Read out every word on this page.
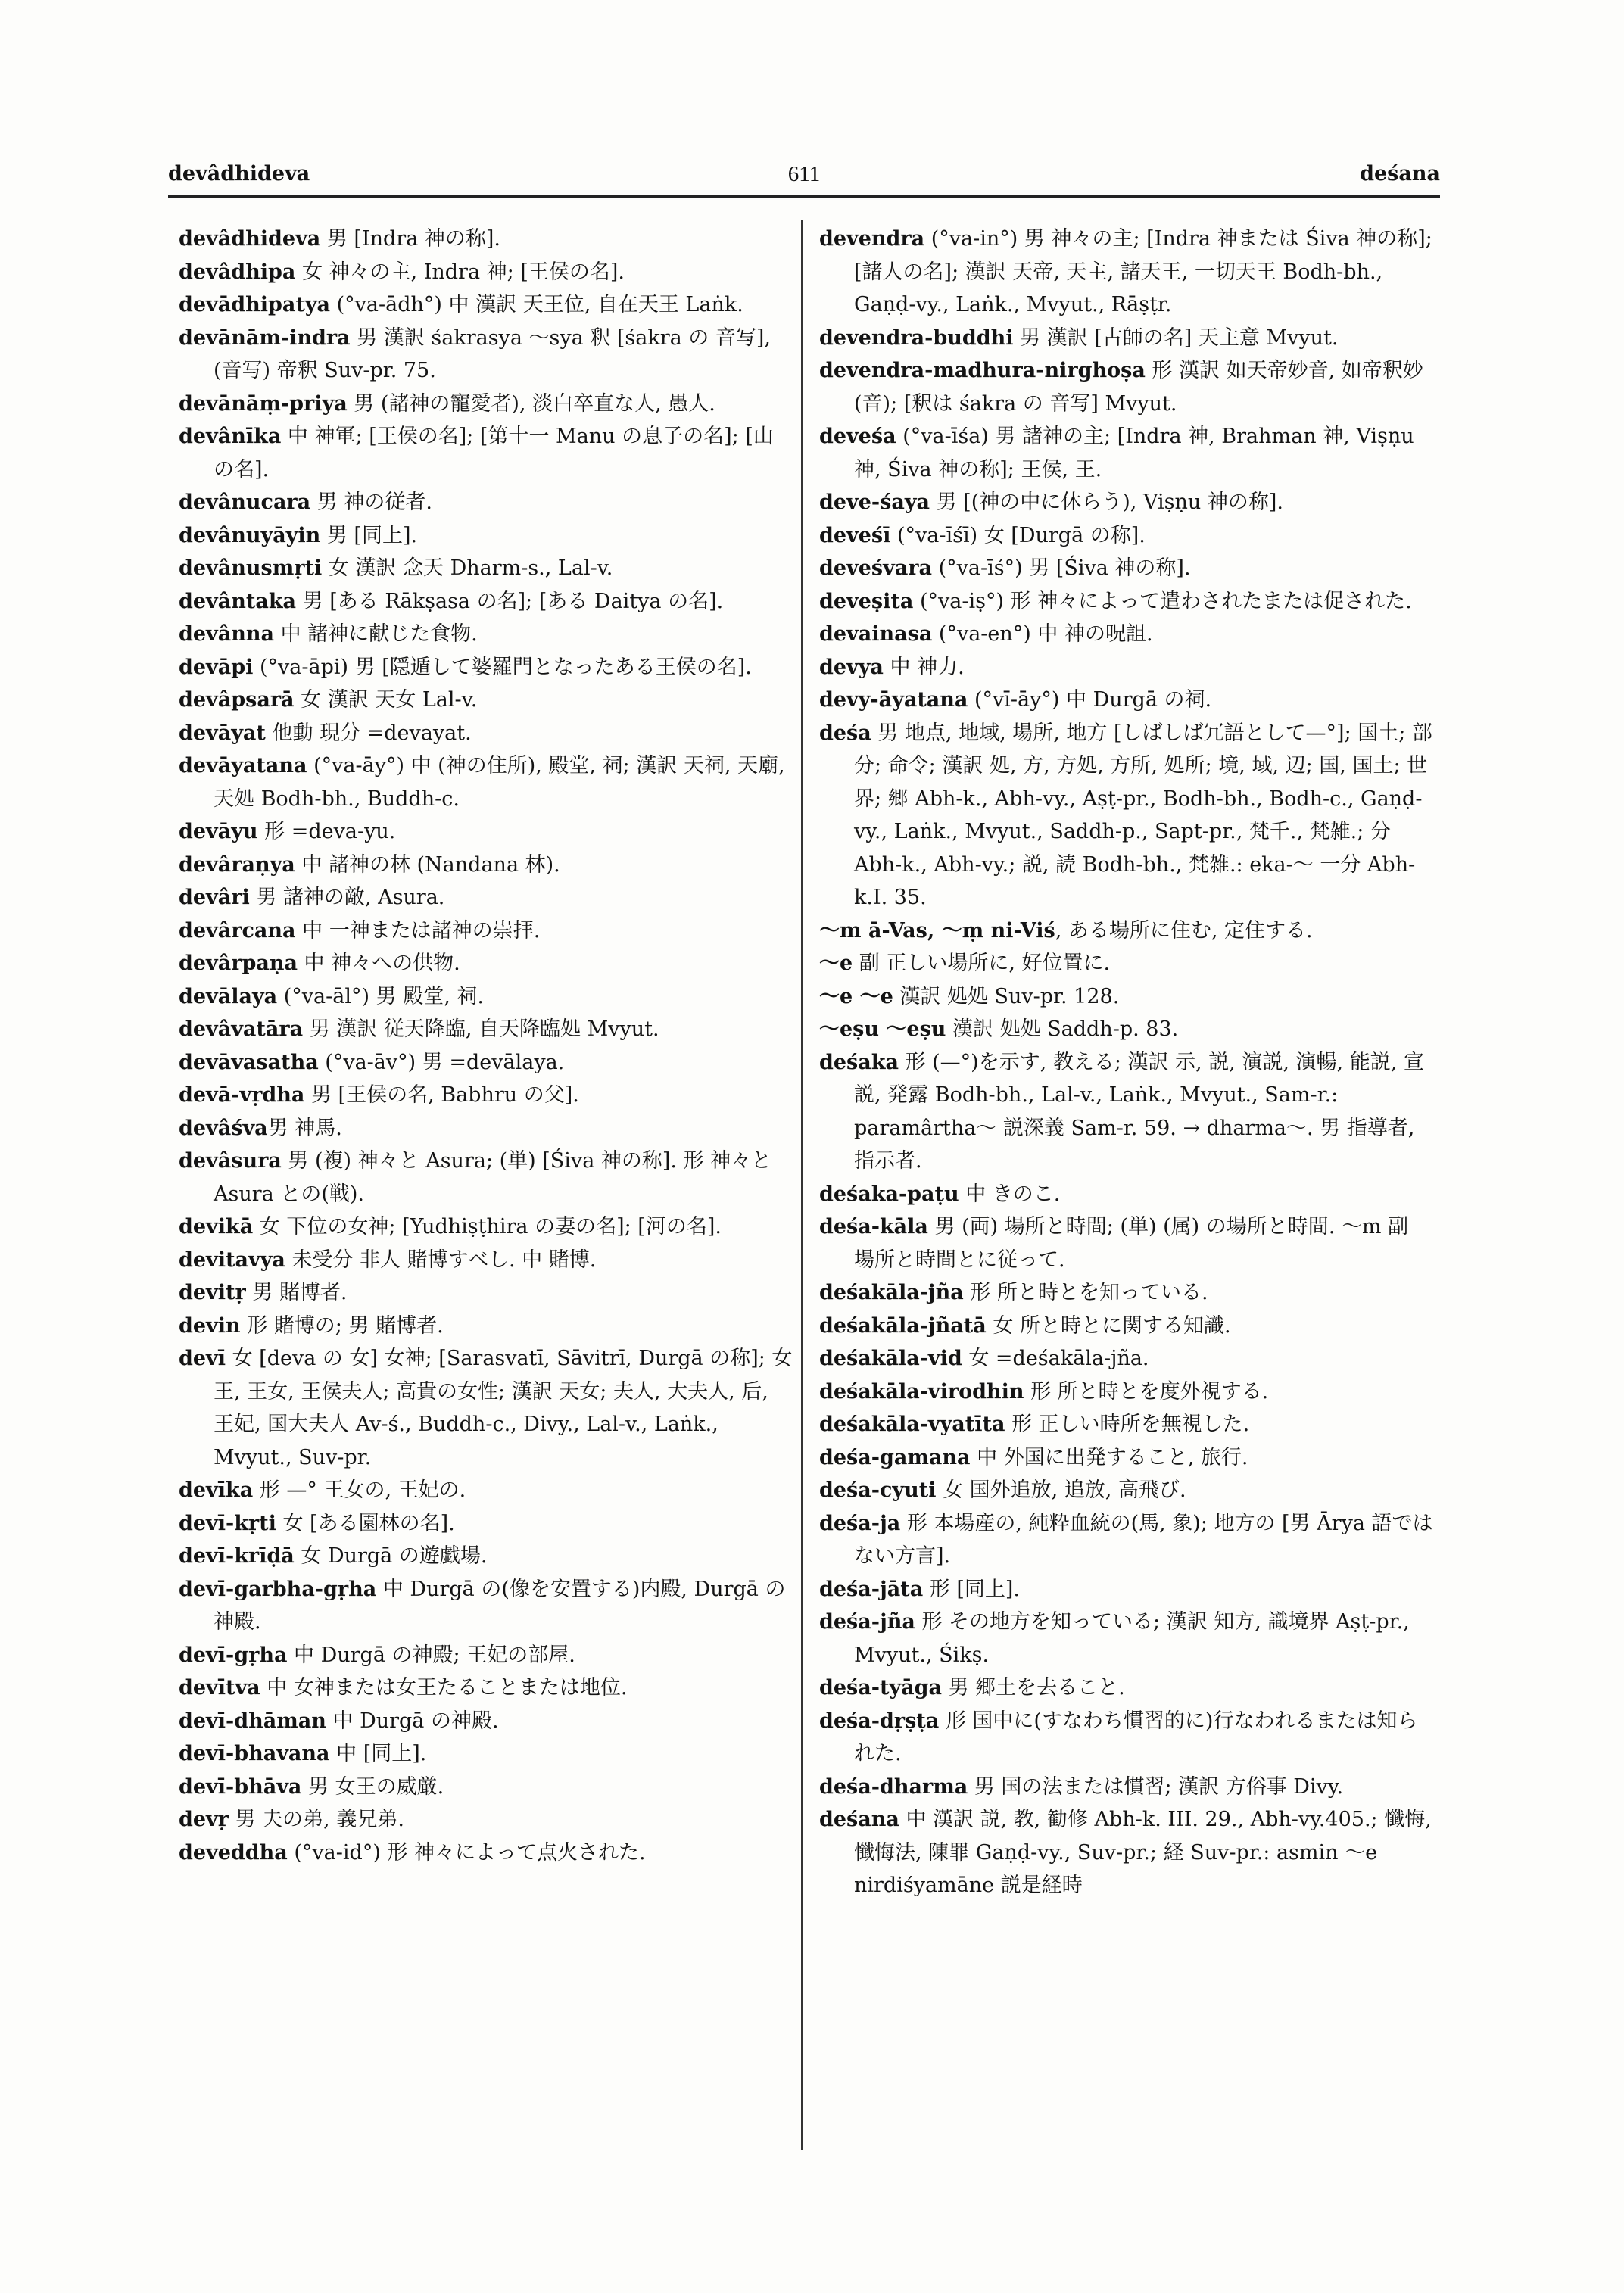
devâdhideva	611	deśana

devâdhideva 男 [Indra 神の称].

devâdhipa 女 神々の主, Indra 神; [王侯の名].

devādhipatya (°va-ādh°) 中 漢訳 天王位, 自在天王 Laṅk.

devānām-indra 男 漢訳 śakrasya ～sya 釈 [śakra の 音写], (音写) 帝釈 Suv-pr. 75.

devānāṃ-priya 男 (諸神の寵愛者), 淡白卒直な人, 愚人.

devânīka 中 神軍; [王侯の名]; [第十一 Manu の息子の名]; [山の名].

devânucara 男 神の従者.

devânuyāyin 男 [同上].

devânusmṛti 女 漢訳 念天 Dharm-s., Lal-v.

devântaka 男 [ある Rākṣasa の名]; [ある Daitya の名].

devânna 中 諸神に献じた食物.

devāpi (°va-āpi) 男 [隠遁して婆羅門となったある王侯の名].

devâpsarā 女 漢訳 天女 Lal-v.

devāyat 他動 現分 =devayat.

devāyatana (°va-āy°) 中 (神の住所), 殿堂, 祠; 漢訳 天祠, 天廟, 天処 Bodh-bh., Buddh-c.

devāyu 形 =deva-yu.

devâraṇya 中 諸神の林 (Nandana 林).

devâri 男 諸神の敵, Asura.

devârcana 中 一神または諸神の崇拝.

devârpaṇa 中 神々への供物.

devālaya (°va-āl°) 男 殿堂, 祠.

devâvatāra 男 漢訳 従天降臨, 自天降臨処 Mvyut.

devāvasatha (°va-āv°) 男 =devālaya.

devā-vṛdha 男 [王侯の名, Babhru の父].

devâśva男 神馬.

devâsura 男 (複) 神々と Asura; (単) [Śiva 神の称]. 形 神々と Asura との(戦).

devikā 女 下位の女神; [Yudhiṣṭhira の妻の名]; [河の名].

devitavya 未受分 非人 賭博すべし. 中 賭博.

devitṛ 男 賭博者.

devin 形 賭博の; 男 賭博者.

devī 女 [deva の 女] 女神; [Sarasvatī, Sāvitrī, Durgā の称]; 女王, 王女, 王侯夫人; 高貴の女性; 漢訳 天女; 夫人, 大夫人, 后, 王妃, 国大夫人 Av-ś., Buddh-c., Divy., Lal-v., Laṅk., Mvyut., Suv-pr.

devīka 形 —° 王女の, 王妃の.

devī-kṛti 女 [ある園林の名].

devī-krīḍā 女 Durgā の遊戯場.

devī-garbha-gṛha 中 Durgā の(像を安置する)内殿, Durgā の神殿.

devī-gṛha 中 Durgā の神殿; 王妃の部屋.

devītva 中 女神または女王たることまたは地位.

devī-dhāman 中 Durgā の神殿.

devī-bhavana 中 [同上].

devī-bhāva 男 女王の威厳.

devṛ 男 夫の弟, 義兄弟.

deveddha (°va-id°) 形 神々によって点火された.

devendra (°va-in°) 男 神々の主; [Indra 神または Śiva 神の称]; [諸人の名]; 漢訳 天帝, 天主, 諸天王, 一切天王 Bodh-bh., Gaṇḍ-vy., Laṅk., Mvyut., Rāṣṭr.

devendra-buddhi 男 漢訳 [古師の名] 天主意 Mvyut.

devendra-madhura-nirghoṣa 形 漢訳 如天帝妙音, 如帝釈妙(音); [釈は śakra の 音写] Mvyut.

deveśa (°va-īśa) 男 諸神の主; [Indra 神, Brahman 神, Viṣṇu 神, Śiva 神の称]; 王侯, 王.

deve-śaya 男 [(神の中に休らう), Viṣṇu 神の称].

deveśī (°va-īśī) 女 [Durgā の称].

deveśvara (°va-īś°) 男 [Śiva 神の称].

deveṣita (°va-iṣ°) 形 神々によって遣わされたまたは促された.

devainasa (°va-en°) 中 神の呪詛.

devya 中 神力.

devy-āyatana (°vī-āy°) 中 Durgā の祠.

deśa 男 地点, 地域, 場所, 地方 [しばしば冗語として—°]; 国土; 部分; 命令; 漢訳 処, 方, 方処, 方所, 処所; 境, 域, 辺; 国, 国土; 世界; 郷 Abh-k., Abh-vy., Aṣṭ-pr., Bodh-bh., Bodh-c., Gaṇḍ-vy., Laṅk., Mvyut., Saddh-p., Sapt-pr., 梵千., 梵雑.; 分 Abh-k., Abh-vy.; 説, 読 Bodh-bh., 梵雑.: eka-～ 一分 Abh-k.I. 35.

～m ā-Vas, ～ṃ ni-Viś, ある場所に住む, 定住する.

～e 副 正しい場所に, 好位置に.

～e ～e 漢訳 処処 Suv-pr. 128.

～eṣu ～eṣu 漢訳 処処 Saddh-p. 83.

deśaka 形 (—°)を示す, 教える; 漢訳 示, 説, 演説, 演暢, 能説, 宣説, 発露 Bodh-bh., Lal-v., Laṅk., Mvyut., Sam-r.: paramârtha～ 説深義 Sam-r. 59. → dharma～. 男 指導者, 指示者.

deśaka-paṭu 中 きのこ.

deśa-kāla 男 (両) 場所と時間; (単) (属) の場所と時間. ～m 副 場所と時間とに従って.

deśakāla-jña 形 所と時とを知っている.

deśakāla-jñatā 女 所と時とに関する知識.

deśakāla-vid 女 =deśakāla-jña.

deśakāla-virodhin 形 所と時とを度外視する.

deśakāla-vyatīta 形 正しい時所を無視した.

deśa-gamana 中 外国に出発すること, 旅行.

deśa-cyuti 女 国外追放, 追放, 高飛び.

deśa-ja 形 本場産の, 純粋血統の(馬, 象); 地方の [男 Ārya 語ではない方言].

deśa-jāta 形 [同上].

deśa-jña 形 その地方を知っている; 漢訳 知方, 識境界 Aṣṭ-pr., Mvyut., Śikṣ.

deśa-tyāga 男 郷土を去ること.

deśa-dṛṣṭa 形 国中に(すなわち慣習的に)行なわれるまたは知られた.

deśa-dharma 男 国の法または慣習; 漢訳 方俗事 Divy.

deśana 中 漢訳 説, 教, 勧修 Abh-k. III. 29., Abh-vy.405.; 懺悔, 懺悔法, 陳罪 Gaṇḍ-vy., Suv-pr.; 経 Suv-pr.: asmin ～e nirdiśyamāne 説是経時
